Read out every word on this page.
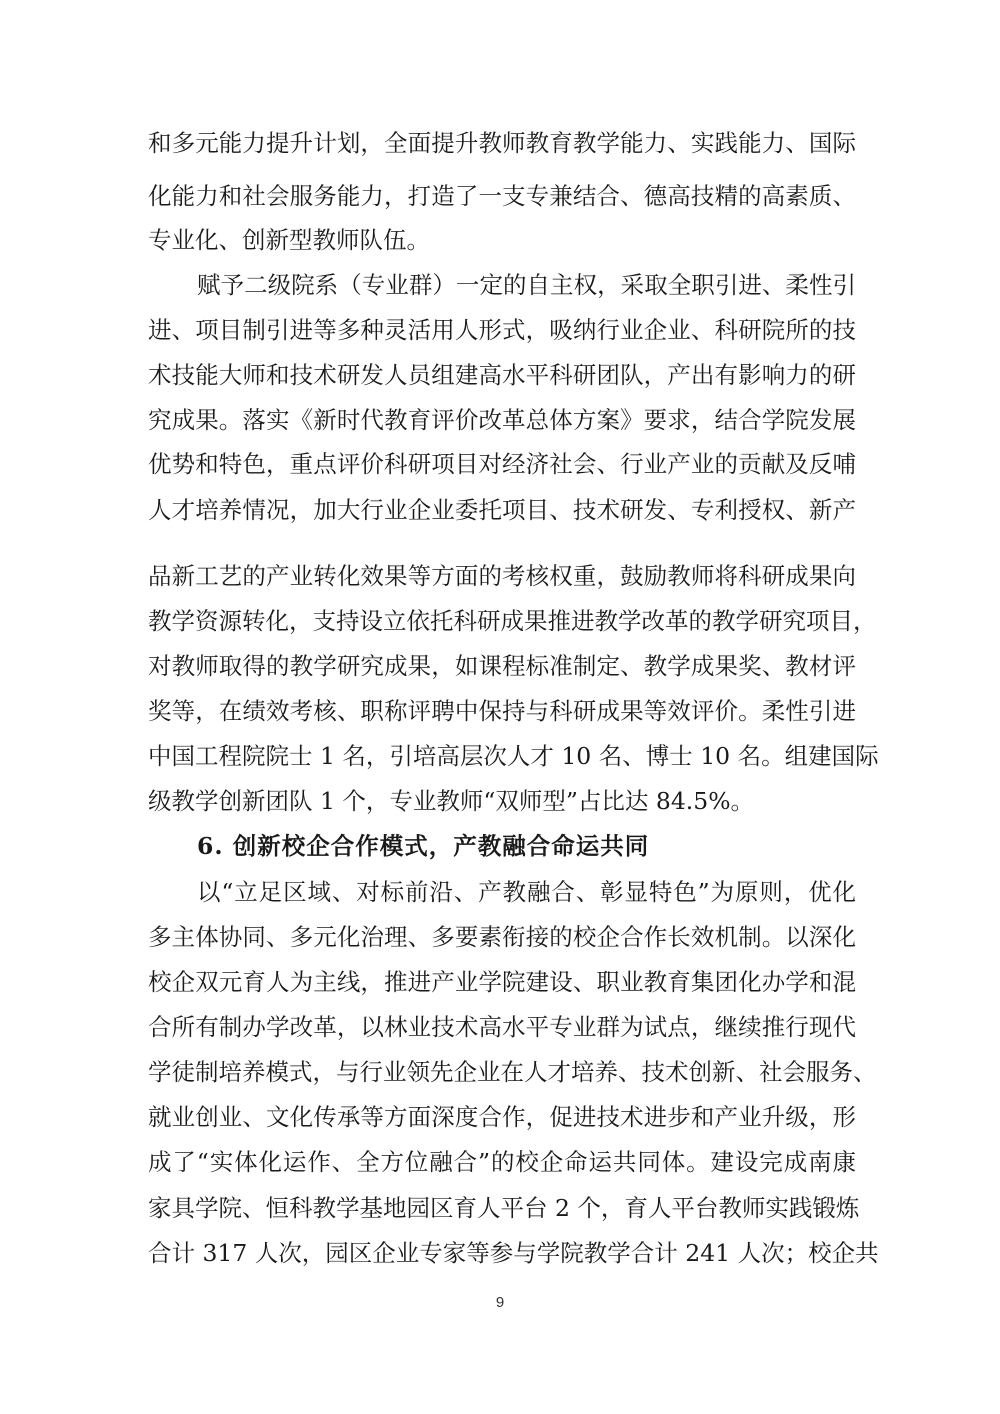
和多元能力提升计划，全面提升教师教育教学能力、实践能力、国际
化能力和社会服务能力，打造了一支专兼结合、德高技精的高素质、
专业化、创新型教师队伍。
赋予二级院系（专业群）一定的自主权，采取全职引进、柔性引
进、项目制引进等多种灵活用人形式，吸纳行业企业、科研院所的技
术技能大师和技术研发人员组建高水平科研团队，产出有影响力的研
究成果。落实《新时代教育评价改革总体方案》要求，结合学院发展
优势和特色，重点评价科研项目对经济社会、行业产业的贡献及反哺
人才培养情况，加大行业企业委托项目、技术研发、专利授权、新产
品新工艺的产业转化效果等方面的考核权重，鼓励教师将科研成果向
教学资源转化，支持设立依托科研成果推进教学改革的教学研究项目，
对教师取得的教学研究成果，如课程标准制定、教学成果奖、教材评
奖等，在绩效考核、职称评聘中保持与科研成果等效评价。柔性引进
中国工程院院士 1 名，引培高层次人才 10 名、博士 10 名。组建国际
级教学创新团队 1 个，专业教师“双师型”占比达 84.5%。
6. 创新校企合作模式，产教融合命运共同
以“立足区域、对标前沿、产教融合、彰显特色”为原则，优化
多主体协同、多元化治理、多要素衔接的校企合作长效机制。以深化
校企双元育人为主线，推进产业学院建设、职业教育集团化办学和混
合所有制办学改革，以林业技术高水平专业群为试点，继续推行现代
学徒制培养模式，与行业领先企业在人才培养、技术创新、社会服务、
就业创业、文化传承等方面深度合作，促进技术进步和产业升级，形
成了“实体化运作、全方位融合”的校企命运共同体。建设完成南康
家具学院、恒科教学基地园区育人平台 2 个，育人平台教师实践锻炼
合计 317 人次，园区企业专家等参与学院教学合计 241 人次；校企共
9
